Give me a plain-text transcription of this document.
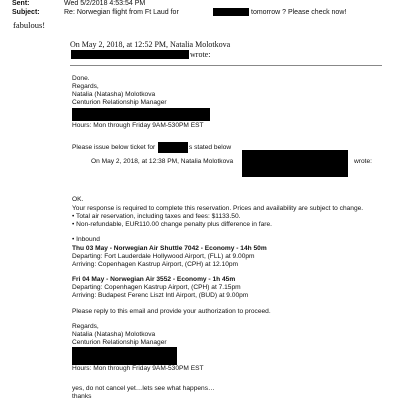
Sent:	Wed 5/2/2018 4:53:54 PM
Subject:	Re: Norwegian flight from Ft Laud for	tomorrow ? Please check now!
fabulous!
On May 2, 2018, at 12:52 PM, Natalia Molotkova
wrote:
Done.
Regards,
Natalia (Natasha) Molotkova
Centurion Relationship Manager
Hours: Mon through Friday 9AM-530PM EST
Please issue below ticket for	s stated below
On May 2, 2018, at 12:38 PM, Natalia Molotkova	wrote:
OK.
Your response is required to complete this reservation. Prices and availability are subject to change.
• Total air reservation, including taxes and fees: $1133.50.
• Non-refundable, EUR110.00 change penalty plus difference in fare.
• Inbound
Thu 03 May - Norwegian Air Shuttle 7042 - Economy - 14h 50m
Departing: Fort Lauderdale Hollywood Airport, (FLL) at 9.00pm
Arriving: Copenhagen Kastrup Airport, (CPH) at 12.10pm
Fri 04 May - Norwegian Air 3552 - Economy - 1h 45m
Departing: Copenhagen Kastrup Airport, (CPH) at 7.15pm
Arriving: Budapest Ferenc Liszt Intl Airport, (BUD) at 9.00pm
Please reply to this email and provide your authorization to proceed.
Regards,
Natalia (Natasha) Molotkova
Centurion Relationship Manager
Hours: Mon through Friday 9AM-530PM EST
yes, do not cancel yet…lets see what happens…
thanks
